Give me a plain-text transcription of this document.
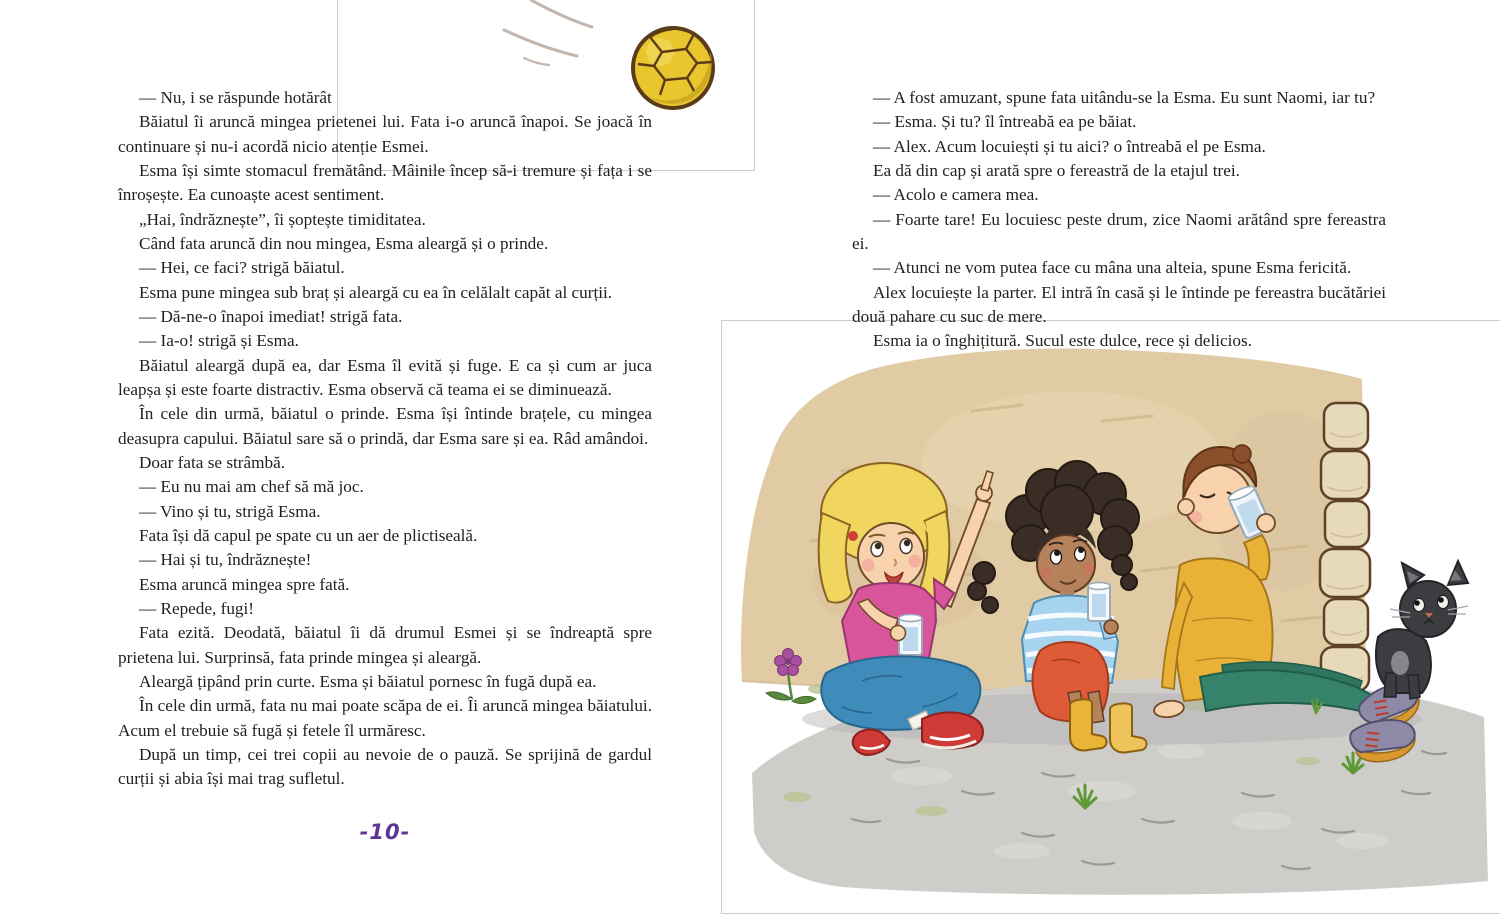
— Nu, i se răspunde hotărât

Băiatul îi aruncă mingea prietenei lui. Fata i-o aruncă înapoi. Se joacă în continuare și nu-i acordă nicio atenție Esmei.

Esma își simte stomacul fremătând. Mâinile încep să-i tremure și fața i se înroșește. Ea cunoaște acest sentiment.

„Hai, îndrăznește”, îi șoptește timiditatea.

Când fata aruncă din nou mingea, Esma aleargă și o prinde.

— Hei, ce faci? strigă băiatul.

Esma pune mingea sub braț și aleargă cu ea în celălalt capăt al curții.

— Dă-ne-o înapoi imediat! strigă fata.

— Ia-o! strigă și Esma.

Băiatul aleargă după ea, dar Esma îl evită și fuge. E ca și cum ar juca leapșa și este foarte distractiv. Esma observă că teama ei se diminuează.

În cele din urmă, băiatul o prinde. Esma își întinde brațele, cu mingea deasupra capului. Băiatul sare să o prindă, dar Esma sare și ea. Râd amândoi.

Doar fata se strâmbă.

— Eu nu mai am chef să mă joc.

— Vino și tu, strigă Esma.

Fata își dă capul pe spate cu un aer de plictiseală.

— Hai și tu, îndrăznește!

Esma aruncă mingea spre fată.

— Repede, fugi!

Fata ezită. Deodată, băiatul îi dă drumul Esmei și se îndreaptă spre prietena lui. Surprinsă, fata prinde mingea și aleargă.

Aleargă țipând prin curte. Esma și băiatul pornesc în fugă după ea.

În cele din urmă, fata nu mai poate scăpa de ei. Îi aruncă mingea băiatului. Acum el trebuie să fugă și fetele îl urmăresc.

După un timp, cei trei copii au nevoie de o pauză. Se sprijină de gardul curții și abia își mai trag sufletul.

-10-

— A fost amuzant, spune fata uitându-se la Esma. Eu sunt Naomi, iar tu?

— Esma. Și tu? îl întreabă ea pe băiat.

— Alex. Acum locuiești și tu aici? o întreabă el pe Esma.

Ea dă din cap și arată spre o fereastră de la etajul trei.

— Acolo e camera mea.

— Foarte tare! Eu locuiesc peste drum, zice Naomi arătând spre fereastra ei.

— Atunci ne vom putea face cu mâna una alteia, spune Esma fericită.

Alex locuiește la parter. El intră în casă și le întinde pe fereastra bucătăriei două pahare cu suc de mere.

Esma ia o înghițitură. Sucul este dulce, rece și delicios.
